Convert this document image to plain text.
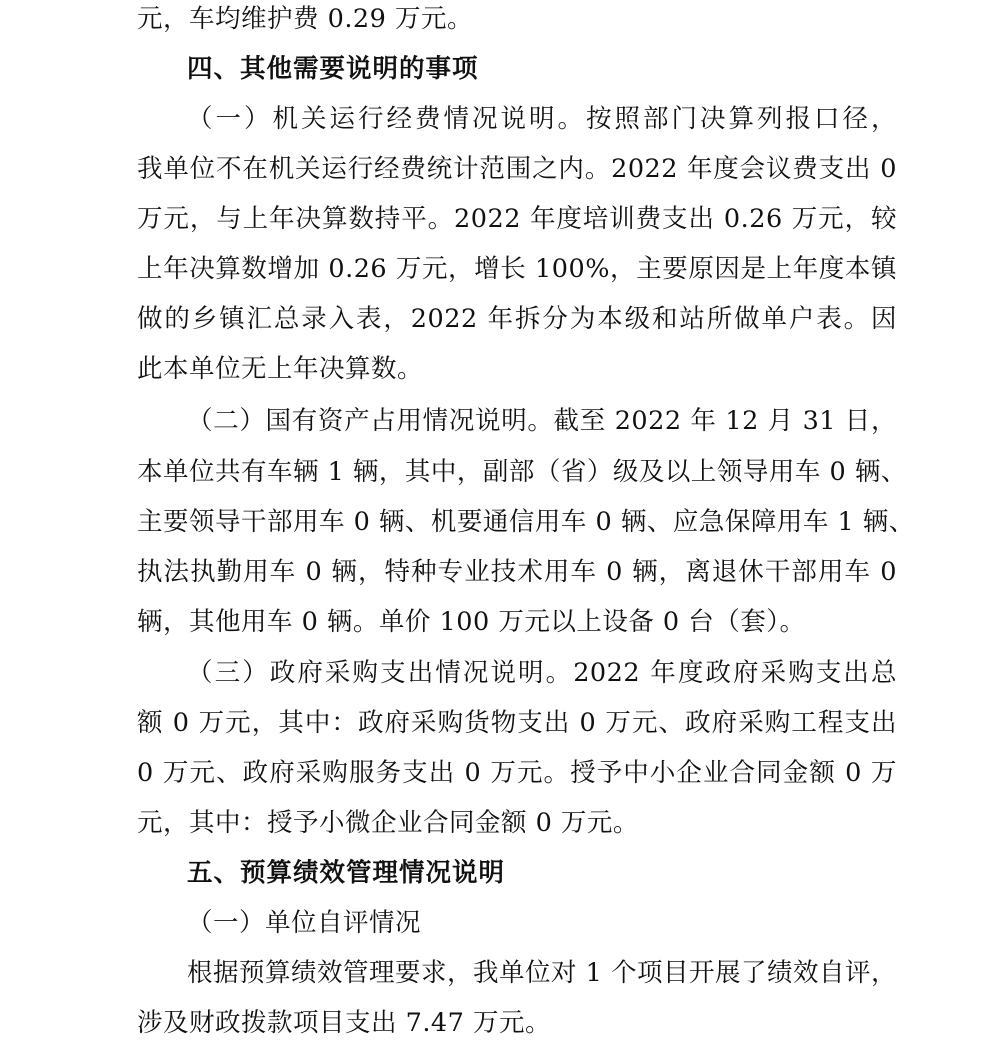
元，车均维护费 0.29 万元。
四、其他需要说明的事项
（一）机关运行经费情况说明。按照部门决算列报口径，
我单位不在机关运行经费统计范围之内。2022 年度会议费支出 0
万元，与上年决算数持平。2022 年度培训费支出 0.26 万元，较
上年决算数增加 0.26 万元，增长 100%，主要原因是上年度本镇
做的乡镇汇总录入表，2022 年拆分为本级和站所做单户表。因
此本单位无上年决算数。
（二）国有资产占用情况说明。截至 2022 年 12 月 31 日，
本单位共有车辆 1 辆，其中，副部（省）级及以上领导用车 0 辆、
主要领导干部用车 0 辆、机要通信用车 0 辆、应急保障用车 1 辆、
执法执勤用车 0 辆，特种专业技术用车 0 辆，离退休干部用车 0
辆，其他用车 0 辆。单价 100 万元以上设备 0 台（套）。
（三）政府采购支出情况说明。2022 年度政府采购支出总
额 0 万元，其中：政府采购货物支出 0 万元、政府采购工程支出
0 万元、政府采购服务支出 0 万元。授予中小企业合同金额 0 万
元，其中：授予小微企业合同金额 0 万元。
五、预算绩效管理情况说明
（一）单位自评情况
根据预算绩效管理要求，我单位对 1 个项目开展了绩效自评，
涉及财政拨款项目支出 7.47 万元。
